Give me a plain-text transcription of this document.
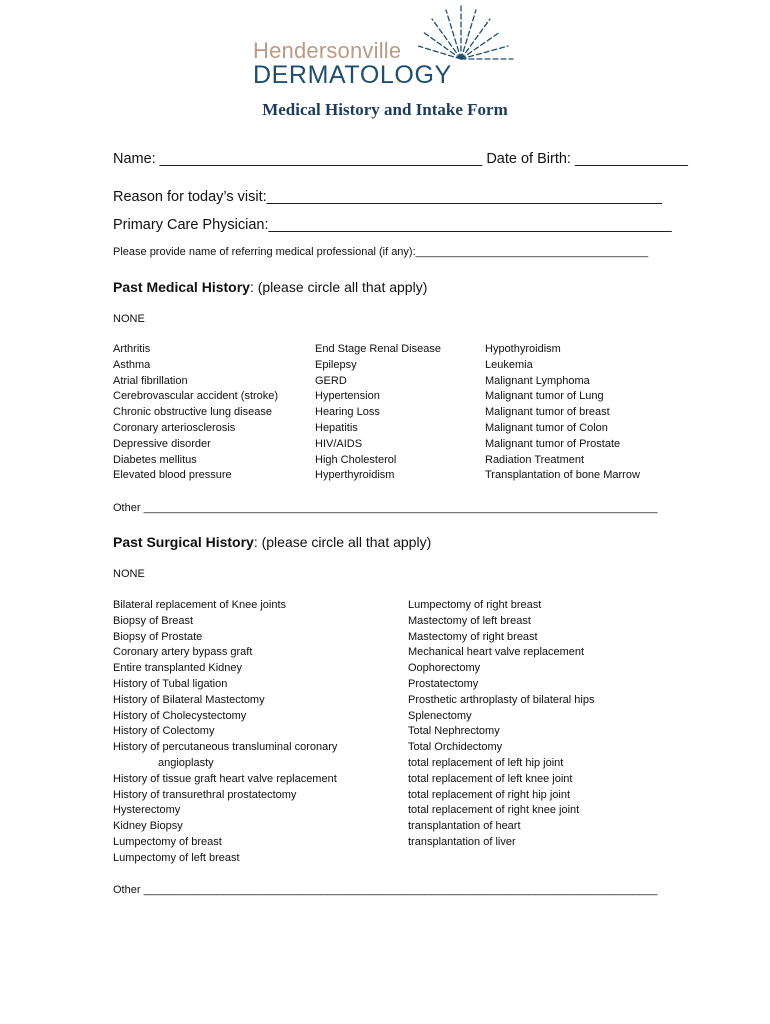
Hendersonville
DERMATOLOGY
Medical History and Intake Form
Name: ________________________________________ Date of Birth: ______________
Reason for today’s visit:_________________________________________________
Primary Care Physician:__________________________________________________
Please provide name of referring medical professional (if any):______________________________________
Past Medical History: (please circle all that apply)
NONE
Arthritis
Asthma
Atrial fibrillation
Cerebrovascular accident (stroke)
Chronic obstructive lung disease
Coronary arteriosclerosis
Depressive disorder
Diabetes mellitus
Elevated blood pressure
End Stage Renal Disease
Epilepsy
GERD
Hypertension
Hearing Loss
Hepatitis
HIV/AIDS
High Cholesterol
Hyperthyroidism
Hypothyroidism
Leukemia
Malignant Lymphoma
Malignant tumor of Lung
Malignant tumor of breast
Malignant tumor of Colon
Malignant tumor of Prostate
Radiation Treatment
Transplantation of bone Marrow
Other ____________________________________________________________________________________
Past Surgical History: (please circle all that apply)
NONE
Bilateral replacement of Knee joints
Biopsy of Breast
Biopsy of Prostate
Coronary artery bypass graft
Entire transplanted Kidney
History of Tubal ligation
History of Bilateral Mastectomy
History of Cholecystectomy
History of Colectomy
History of percutaneous transluminal coronary
angioplasty
History of tissue graft heart valve replacement
History of transurethral prostatectomy
Hysterectomy
Kidney Biopsy
Lumpectomy of breast
Lumpectomy of left breast
Lumpectomy of right breast
Mastectomy of left breast
Mastectomy of right breast
Mechanical heart valve replacement
Oophorectomy
Prostatectomy
Prosthetic arthroplasty of bilateral hips
Splenectomy
Total Nephrectomy
Total Orchidectomy
total replacement of left hip joint
total replacement of left knee joint
total replacement of right hip joint
total replacement of right knee joint
transplantation of heart
transplantation of liver
Other ____________________________________________________________________________________
